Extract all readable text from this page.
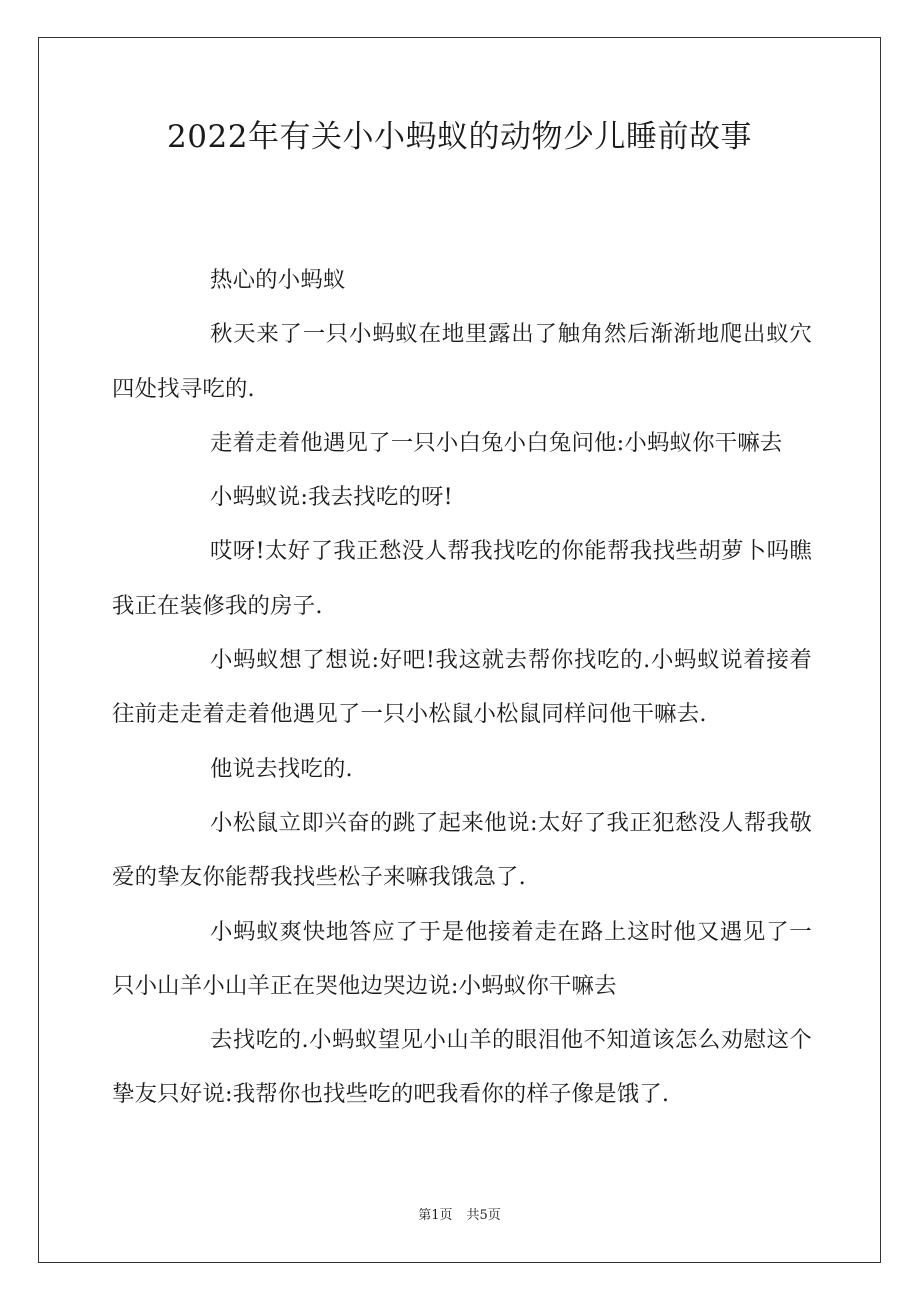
2022年有关小小蚂蚁的动物少儿睡前故事

热心的小蚂蚁

秋天来了一只小蚂蚁在地里露出了触角然后渐渐地爬出蚁穴四处找寻吃的.

走着走着他遇见了一只小白兔小白兔问他:小蚂蚁你干嘛去

小蚂蚁说:我去找吃的呀!

哎呀!太好了我正愁没人帮我找吃的你能帮我找些胡萝卜吗瞧我正在装修我的房子.

小蚂蚁想了想说:好吧!我这就去帮你找吃的.小蚂蚁说着接着往前走走着走着他遇见了一只小松鼠小松鼠同样问他干嘛去.

他说去找吃的.

小松鼠立即兴奋的跳了起来他说:太好了我正犯愁没人帮我敬爱的挚友你能帮我找些松子来嘛我饿急了.

小蚂蚁爽快地答应了于是他接着走在路上这时他又遇见了一只小山羊小山羊正在哭他边哭边说:小蚂蚁你干嘛去

去找吃的.小蚂蚁望见小山羊的眼泪他不知道该怎么劝慰这个挚友只好说:我帮你也找些吃的吧我看你的样子像是饿了.

第1页 共5页
